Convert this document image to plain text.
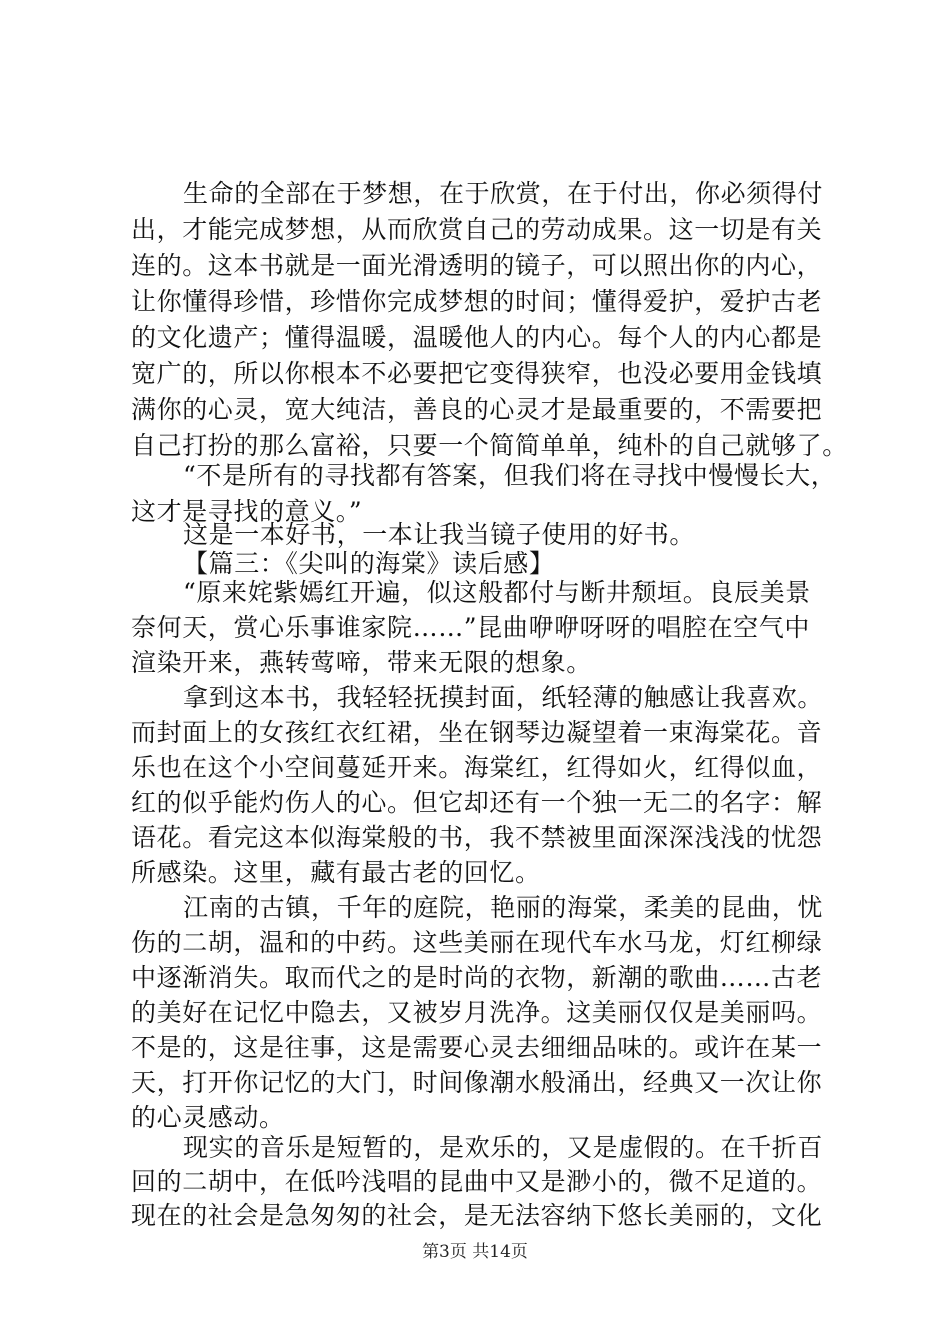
生命的全部在于梦想，在于欣赏，在于付出，你必须得付
出，才能完成梦想，从而欣赏自己的劳动成果。这一切是有关
连的。这本书就是一面光滑透明的镜子，可以照出你的内心，
让你懂得珍惜，珍惜你完成梦想的时间；懂得爱护，爱护古老
的文化遗产；懂得温暖，温暖他人的内心。每个人的内心都是
宽广的，所以你根本不必要把它变得狭窄，也没必要用金钱填
满你的心灵，宽大纯洁，善良的心灵才是最重要的，不需要把
自己打扮的那么富裕，只要一个简简单单，纯朴的自己就够了。
“不是所有的寻找都有答案，但我们将在寻找中慢慢长大，
这才是寻找的意义。”
这是一本好书，一本让我当镜子使用的好书。
【篇三：《尖叫的海棠》读后感】
“原来姹紫嫣红开遍，似这般都付与断井颓垣。良辰美景
奈何天，赏心乐事谁家院……”昆曲咿咿呀呀的唱腔在空气中
渲染开来，燕转莺啼，带来无限的想象。
拿到这本书，我轻轻抚摸封面，纸轻薄的触感让我喜欢。
而封面上的女孩红衣红裙，坐在钢琴边凝望着一束海棠花。音
乐也在这个小空间蔓延开来。海棠红，红得如火，红得似血，
红的似乎能灼伤人的心。但它却还有一个独一无二的名字：解
语花。看完这本似海棠般的书，我不禁被里面深深浅浅的忧怨
所感染。这里，藏有最古老的回忆。
江南的古镇，千年的庭院，艳丽的海棠，柔美的昆曲，忧
伤的二胡，温和的中药。这些美丽在现代车水马龙，灯红柳绿
中逐渐消失。取而代之的是时尚的衣物，新潮的歌曲……古老
的美好在记忆中隐去，又被岁月洗净。这美丽仅仅是美丽吗。
不是的，这是往事，这是需要心灵去细细品味的。或许在某一
天，打开你记忆的大门，时间像潮水般涌出，经典又一次让你
的心灵感动。
现实的音乐是短暂的，是欢乐的，又是虚假的。在千折百
回的二胡中，在低吟浅唱的昆曲中又是渺小的，微不足道的。
现在的社会是急匆匆的社会，是无法容纳下悠长美丽的，文化
第3页 共14页
